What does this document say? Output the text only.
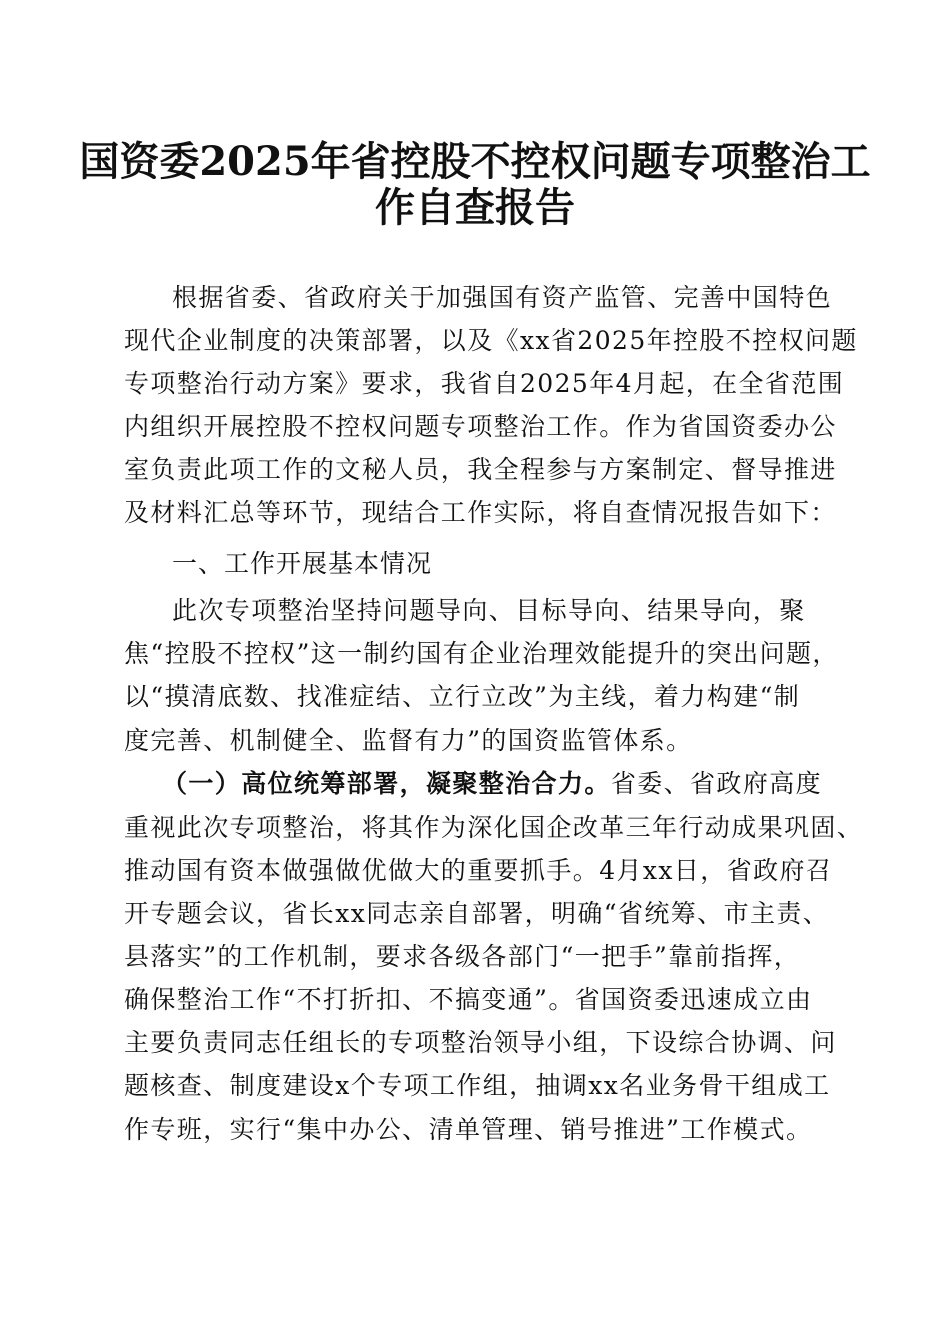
国资委2025年省控股不控权问题专项整治工
作自查报告
根据省委、省政府关于加强国有资产监管、完善中国特色
现代企业制度的决策部署，以及《xx省2025年控股不控权问题
专项整治行动方案》要求，我省自2025年4月起，在全省范围
内组织开展控股不控权问题专项整治工作。作为省国资委办公
室负责此项工作的文秘人员，我全程参与方案制定、督导推进
及材料汇总等环节，现结合工作实际，将自查情况报告如下：
一、工作开展基本情况
此次专项整治坚持问题导向、目标导向、结果导向，聚
焦“控股不控权”这一制约国有企业治理效能提升的突出问题，
以“摸清底数、找准症结、立行立改”为主线，着力构建“制
度完善、机制健全、监督有力”的国资监管体系。
（一）高位统筹部署，凝聚整治合力。省委、省政府高度
重视此次专项整治，将其作为深化国企改革三年行动成果巩固、
推动国有资本做强做优做大的重要抓手。4月xx日，省政府召
开专题会议，省长xx同志亲自部署，明确“省统筹、市主责、
县落实”的工作机制，要求各级各部门“一把手”靠前指挥，
确保整治工作“不打折扣、不搞变通”。省国资委迅速成立由
主要负责同志任组长的专项整治领导小组，下设综合协调、问
题核查、制度建设x个专项工作组，抽调xx名业务骨干组成工
作专班，实行“集中办公、清单管理、销号推进”工作模式。
